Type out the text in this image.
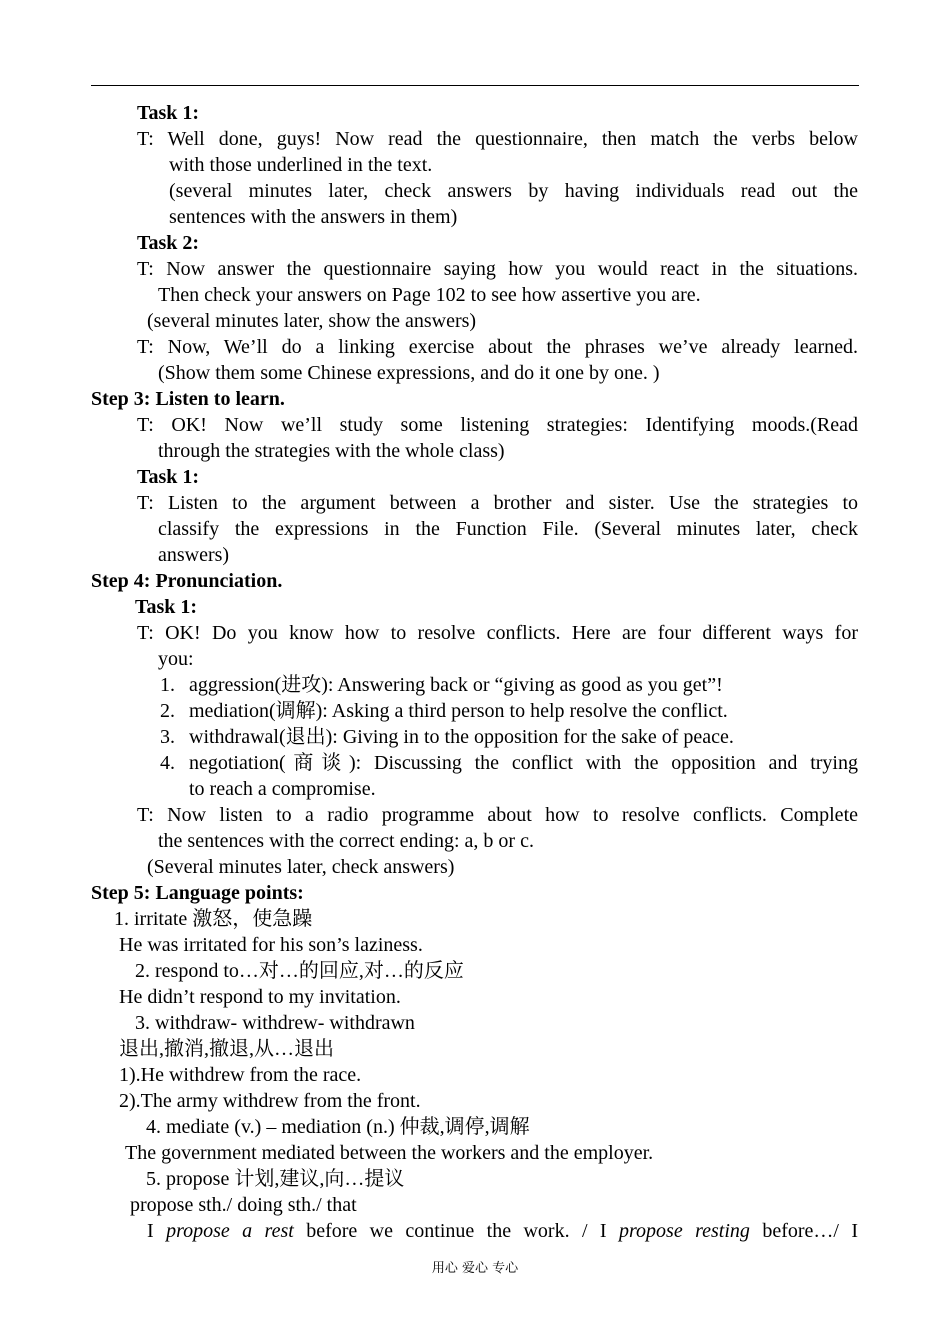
Task 1:
T: Well done, guys! Now read the questionnaire, then match the verbs below
with those underlined in the text.
(several minutes later, check answers by having individuals read out the
sentences with the answers in them)
Task 2:
T: Now answer the questionnaire saying how you would react in the situations.
Then check your answers on Page 102 to see how assertive you are.
(several minutes later, show the answers)
T: Now, We’ll do a linking exercise about the phrases we’ve already learned.
(Show them some Chinese expressions, and do it one by one. )
Step 3: Listen to learn.
T: OK! Now we’ll study some listening strategies: Identifying moods.(Read
through the strategies with the whole class)
Task 1:
T: Listen to the argument between a brother and sister. Use the strategies to
classify the expressions in the Function File. (Several minutes later, check
answers)
Step 4: Pronunciation.
Task 1:
T: OK! Do you know how to resolve conflicts. Here are four different ways for
you:
1. aggression(进攻): Answering back or “giving as good as you get”!
2. mediation(调解): Asking a third person to help resolve the conflict.
3. withdrawal(退出): Giving in to the opposition for the sake of peace.
4. negotiation(商谈): Discussing the conflict with the opposition and trying
to reach a compromise.
T: Now listen to a radio programme about how to resolve conflicts. Complete
the sentences with the correct ending: a, b or c.
(Several minutes later, check answers)
Step 5: Language points:
1. irritate 激怒，使急躁
He was irritated for his son’s laziness.
2. respond to…对…的回应,对…的反应
He didn’t respond to my invitation.
3. withdraw- withdrew- withdrawn
退出,撤消,撤退,从…退出
1).He withdrew from the race.
2).The army withdrew from the front.
4. mediate (v.) – mediation (n.) 仲裁,调停,调解
The government mediated between the workers and the employer.
5. propose 计划,建议,向…提议
propose sth./ doing sth./ that
I propose a rest before we continue the work. / I propose resting before…/ I
用心 爱心 专心
